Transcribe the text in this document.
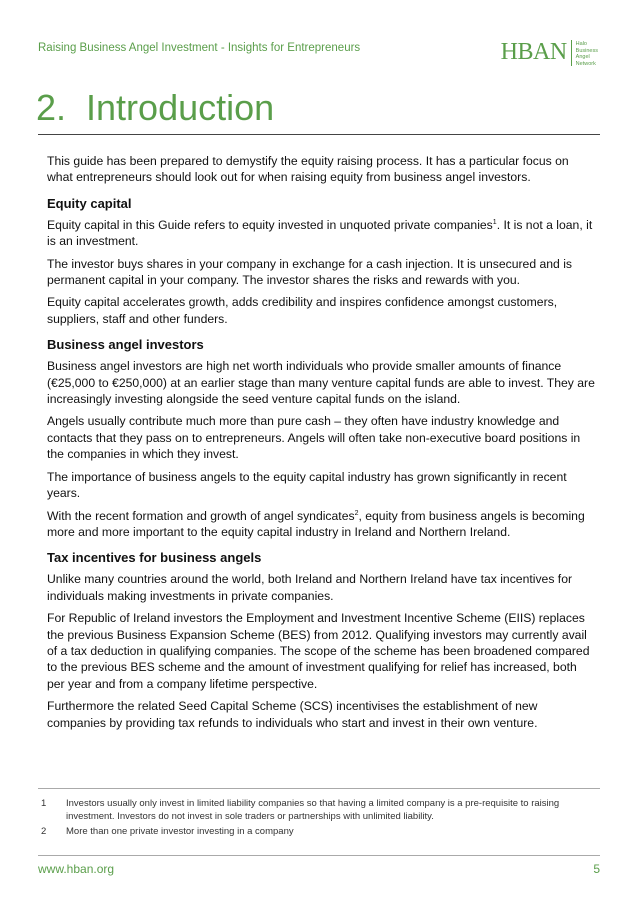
Raising Business Angel Investment - Insights for Entrepreneurs	HBAN Halo
Business
Angel
Network
2. Introduction

This guide has been prepared to demystify the equity raising process. It has a particular focus on what entrepreneurs should look out for when raising equity from business angel investors.

Equity capital

Equity capital in this Guide refers to equity invested in unquoted private companies$^1$. It is not a loan, it is an investment.

The investor buys shares in your company in exchange for a cash injection. It is unsecured and is permanent capital in your company. The investor shares the risks and rewards with you.

Equity capital accelerates growth, adds credibility and inspires confidence amongst customers, suppliers, staff and other funders.

Business angel investors

Business angel investors are high net worth individuals who provide smaller amounts of finance (€25,000 to €250,000) at an earlier stage than many venture capital funds are able to invest. They are increasingly investing alongside the seed venture capital funds on the island.

Angels usually contribute much more than pure cash – they often have industry knowledge and contacts that they pass on to entrepreneurs. Angels will often take non-executive board positions in the companies in which they invest.

The importance of business angels to the equity capital industry has grown significantly in recent years.

With the recent formation and growth of angel syndicates$^2$, equity from business angels is becoming more and more important to the equity capital industry in Ireland and Northern Ireland.

Tax incentives for business angels

Unlike many countries around the world, both Ireland and Northern Ireland have tax incentives for individuals making investments in private companies.

For Republic of Ireland investors the Employment and Investment Incentive Scheme (EIIS) replaces the previous Business Expansion Scheme (BES) from 2012. Qualifying investors may currently avail of a tax deduction in qualifying companies. The scope of the scheme has been broadened compared to the previous BES scheme and the amount of investment qualifying for relief has increased, both per year and from a company lifetime perspective.

Furthermore the related Seed Capital Scheme (SCS) incentivises the establishment of new companies by providing tax refunds to individuals who start and invest in their own venture.

1	Investors usually only invest in limited liability companies so that having a limited company is a pre-requisite to raising investment. Investors do not invest in sole traders or partnerships with unlimited liability.
2	More than one private investor investing in a company
www.hban.org	5
